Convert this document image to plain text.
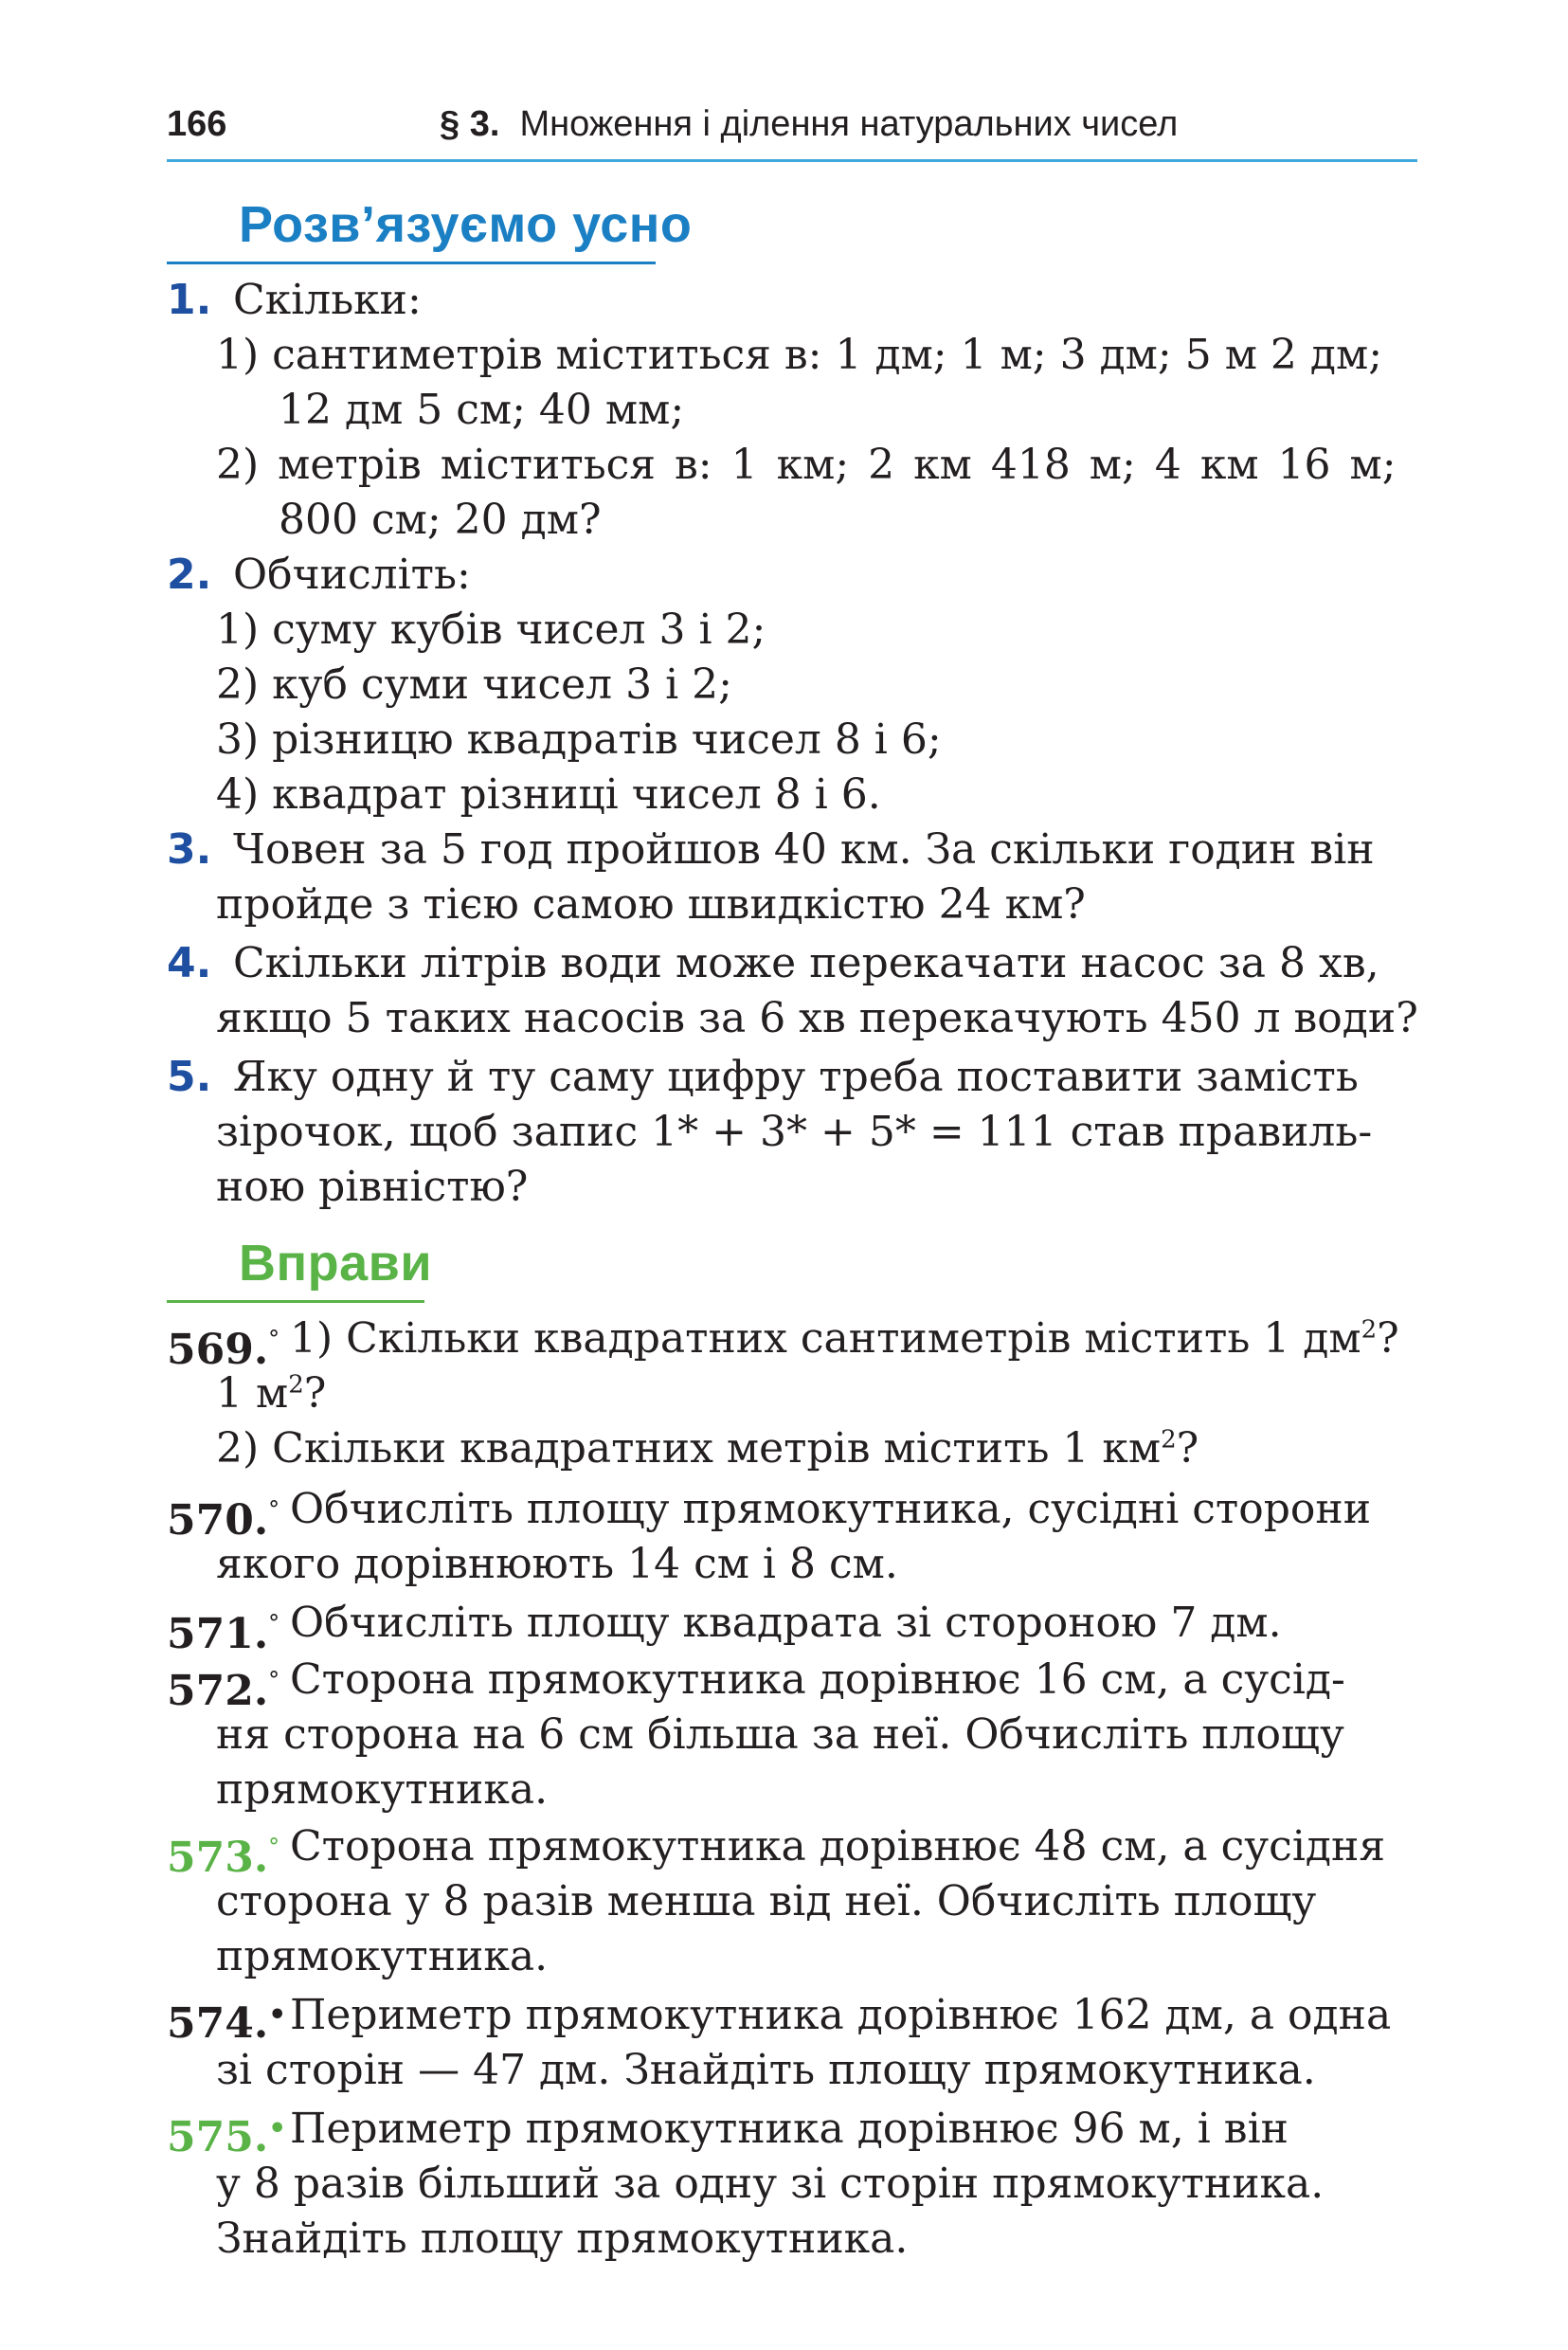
166	§ 3. Множення і ділення натуральних чисел
Розв’язуємо усно
1. Скільки:
1) сантиметрів міститься в: 1 дм; 1 м; 3 дм; 5 м 2 дм;
12 дм 5 см; 40 мм;
2) метрів міститься в: 1 км; 2 км 418 м; 4 км 16 м;
800 см; 20 дм?
2. Обчисліть:
1) суму кубів чисел 3 і 2;
2) куб суми чисел 3 і 2;
3) різницю квадратів чисел 8 і 6;
4) квадрат різниці чисел 8 і 6.
3. Човен за 5 год пройшов 40 км. За скільки годин він
пройде з тією самою швидкістю 24 км?
4. Скільки літрів води може перекачати насос за 8 хв,
якщо 5 таких насосів за 6 хв перекачують 450 л води?
5. Яку одну й ту саму цифру треба поставити замість
зірочок, щоб запис 1* + 3* + 5* = 111 став правиль-
ною рівністю?
Вправи
569.° 1) Скільки квадратних сантиметрів містить 1 $дм^2$?
1 $м^2$?
2) Скільки квадратних метрів містить 1 $км^2$?
570.° Обчисліть площу прямокутника, сусідні сторони
якого дорівнюють 14 см і 8 см.
571.° Обчисліть площу квадрата зі стороною 7 дм.
572.° Сторона прямокутника дорівнює 16 см, а сусід-
ня сторона на 6 см більша за неї. Обчисліть площу
прямокутника.
573.° Сторона прямокутника дорівнює 48 см, а сусідня
сторона у 8 разів менша від неї. Обчисліть площу
прямокутника.
574.• Периметр прямокутника дорівнює 162 дм, а одна
зі сторін — 47 дм. Знайдіть площу прямокутника.
575.• Периметр прямокутника дорівнює 96 м, і він
у 8 разів більший за одну зі сторін прямокутника.
Знайдіть площу прямокутника.
